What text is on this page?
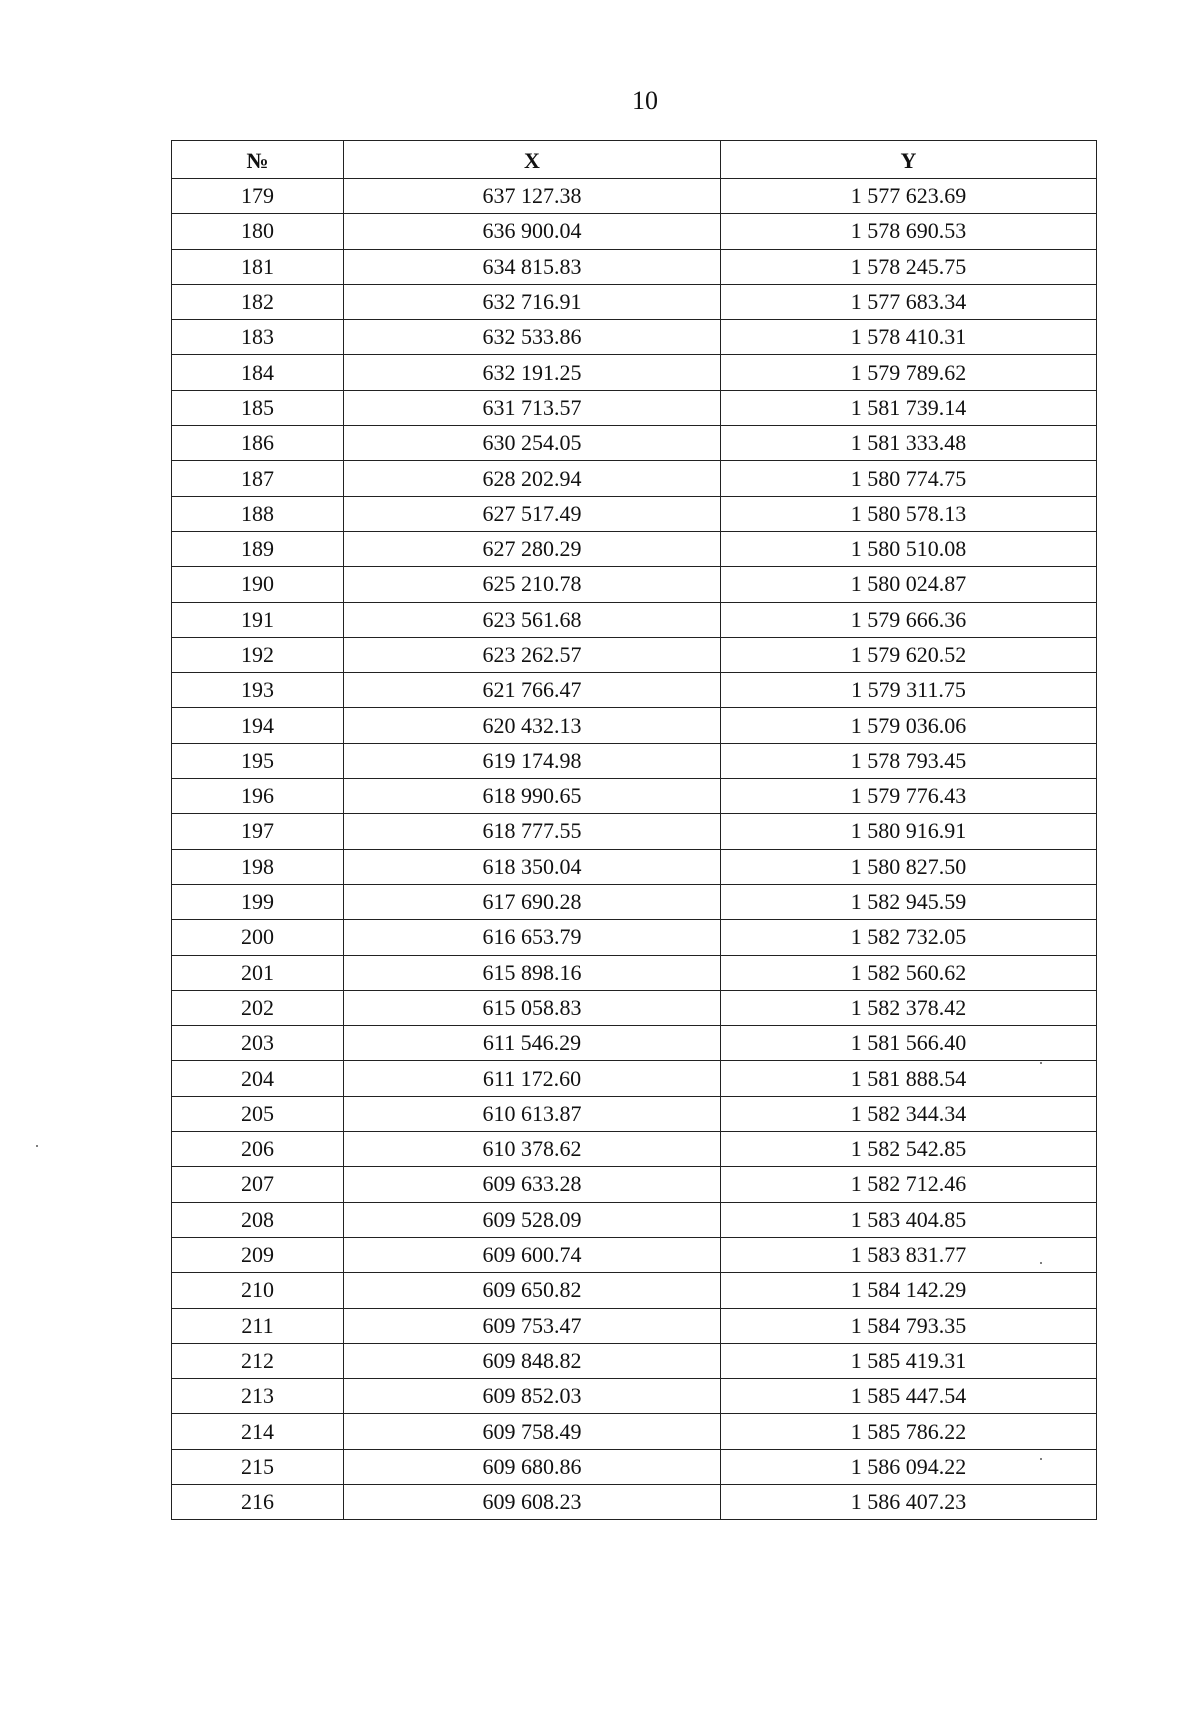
10
№	X	Y
179	637 127.38	1 577 623.69
180	636 900.04	1 578 690.53
181	634 815.83	1 578 245.75
182	632 716.91	1 577 683.34
183	632 533.86	1 578 410.31
184	632 191.25	1 579 789.62
185	631 713.57	1 581 739.14
186	630 254.05	1 581 333.48
187	628 202.94	1 580 774.75
188	627 517.49	1 580 578.13
189	627 280.29	1 580 510.08
190	625 210.78	1 580 024.87
191	623 561.68	1 579 666.36
192	623 262.57	1 579 620.52
193	621 766.47	1 579 311.75
194	620 432.13	1 579 036.06
195	619 174.98	1 578 793.45
196	618 990.65	1 579 776.43
197	618 777.55	1 580 916.91
198	618 350.04	1 580 827.50
199	617 690.28	1 582 945.59
200	616 653.79	1 582 732.05
201	615 898.16	1 582 560.62
202	615 058.83	1 582 378.42
203	611 546.29	1 581 566.40
204	611 172.60	1 581 888.54
205	610 613.87	1 582 344.34
206	610 378.62	1 582 542.85
207	609 633.28	1 582 712.46
208	609 528.09	1 583 404.85
209	609 600.74	1 583 831.77
210	609 650.82	1 584 142.29
211	609 753.47	1 584 793.35
212	609 848.82	1 585 419.31
213	609 852.03	1 585 447.54
214	609 758.49	1 585 786.22
215	609 680.86	1 586 094.22
216	609 608.23	1 586 407.23
